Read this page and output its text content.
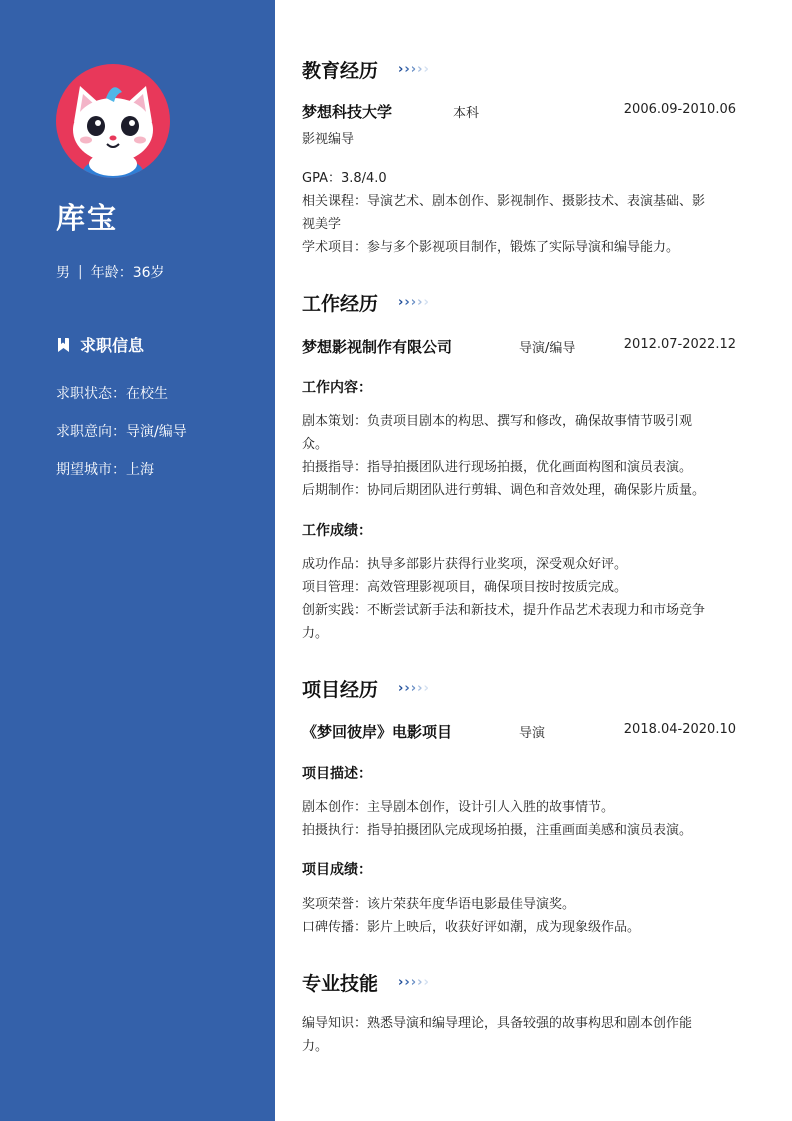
库宝
男 | 年龄：36岁
求职信息
求职状态：在校生
求职意向：导演/编导
期望城市：上海
教育经历 › › › › ›
梦想科技大学	本科	2006.09-2010.06
影视编导
GPA：3.8/4.0
相关课程：导演艺术、剧本创作、影视制作、摄影技术、表演基础、影
视美学
学术项目：参与多个影视项目制作，锻炼了实际导演和编导能力。
工作经历 › › › › ›
梦想影视制作有限公司	导演/编导	2012.07-2022.12
工作内容：
剧本策划：负责项目剧本的构思、撰写和修改，确保故事情节吸引观
众。
拍摄指导：指导拍摄团队进行现场拍摄，优化画面构图和演员表演。
后期制作：协同后期团队进行剪辑、调色和音效处理，确保影片质量。
工作成绩：
成功作品：执导多部影片获得行业奖项，深受观众好评。
项目管理：高效管理影视项目，确保项目按时按质完成。
创新实践：不断尝试新手法和新技术，提升作品艺术表现力和市场竞争
力。
项目经历 › › › › ›
《梦回彼岸》电影项目	导演	2018.04-2020.10
项目描述：
剧本创作：主导剧本创作，设计引人入胜的故事情节。
拍摄执行：指导拍摄团队完成现场拍摄，注重画面美感和演员表演。
项目成绩：
奖项荣誉：该片荣获年度华语电影最佳导演奖。
口碑传播：影片上映后，收获好评如潮，成为现象级作品。
专业技能 › › › › ›
编导知识：熟悉导演和编导理论，具备较强的故事构思和剧本创作能
力。
